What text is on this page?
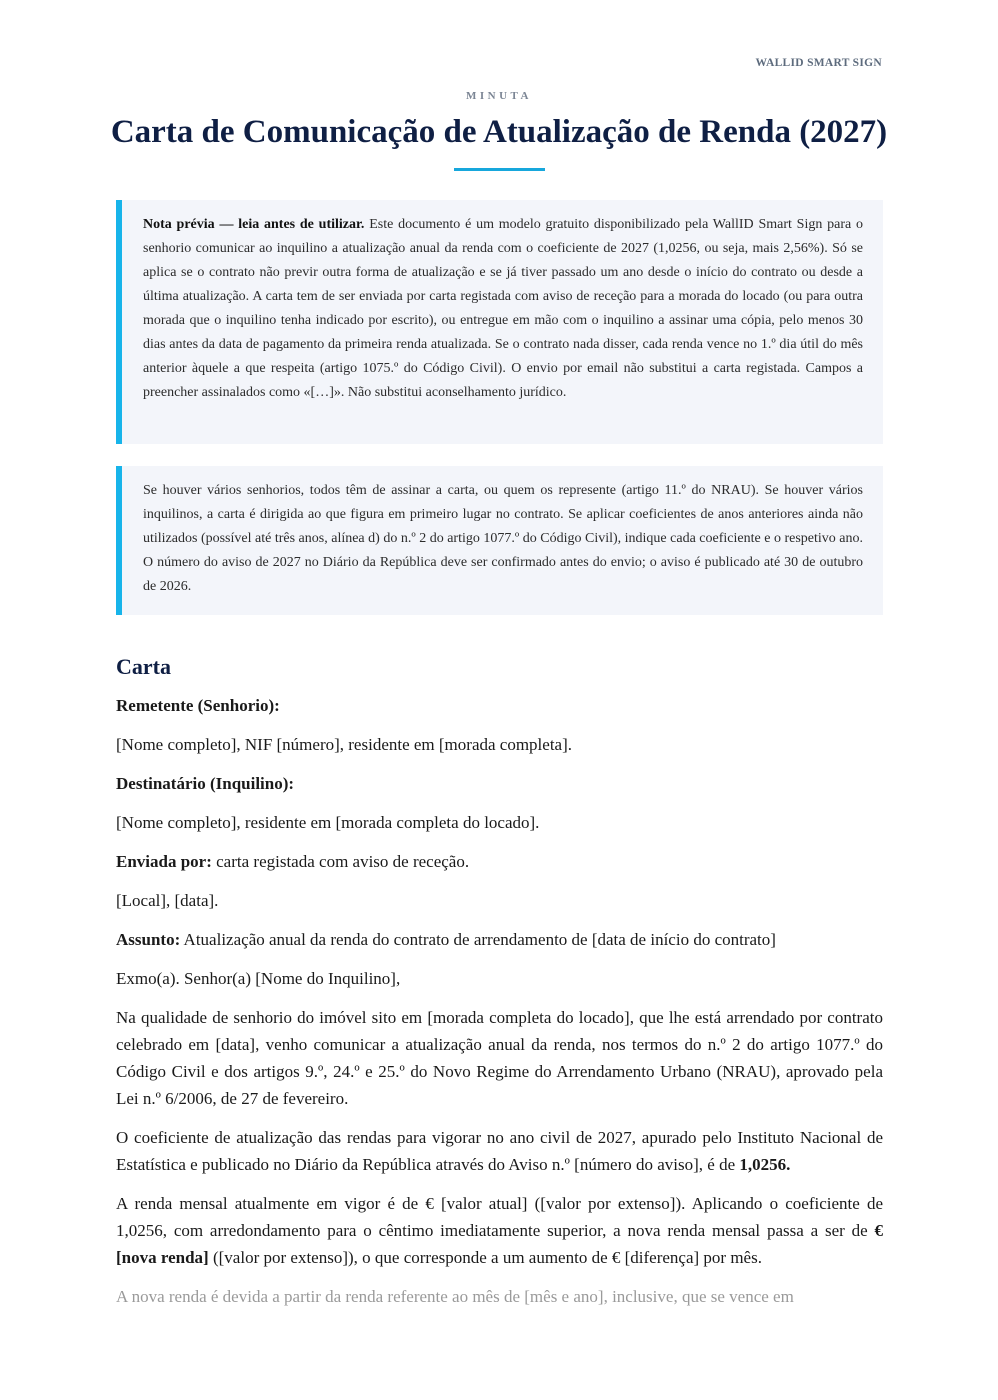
WALLID SMART SIGN
MINUTA
Carta de Comunicação de Atualização de Renda (2027)
Nota prévia — leia antes de utilizar. Este documento é um modelo gratuito disponibilizado pela WallID Smart Sign para o senhorio comunicar ao inquilino a atualização anual da renda com o coeficiente de 2027 (1,0256, ou seja, mais 2,56%). Só se aplica se o contrato não previr outra forma de atualização e se já tiver passado um ano desde o início do contrato ou desde a última atualização. A carta tem de ser enviada por carta registada com aviso de receção para a morada do locado (ou para outra morada que o inquilino tenha indicado por escrito), ou entregue em mão com o inquilino a assinar uma cópia, pelo menos 30 dias antes da data de pagamento da primeira renda atualizada. Se o contrato nada disser, cada renda vence no 1.º dia útil do mês anterior àquele a que respeita (artigo 1075.º do Código Civil). O envio por email não substitui a carta registada. Campos a preencher assinalados como «[…]». Não substitui aconselhamento jurídico.
Se houver vários senhorios, todos têm de assinar a carta, ou quem os represente (artigo 11.º do NRAU). Se houver vários inquilinos, a carta é dirigida ao que figura em primeiro lugar no contrato. Se aplicar coeficientes de anos anteriores ainda não utilizados (possível até três anos, alínea d) do n.º 2 do artigo 1077.º do Código Civil), indique cada coeficiente e o respetivo ano. O número do aviso de 2027 no Diário da República deve ser confirmado antes do envio; o aviso é publicado até 30 de outubro de 2026.
Carta

Remetente (Senhorio):

[Nome completo], NIF [número], residente em [morada completa].

Destinatário (Inquilino):

[Nome completo], residente em [morada completa do locado].

Enviada por: carta registada com aviso de receção.

[Local], [data].

Assunto: Atualização anual da renda do contrato de arrendamento de [data de início do contrato]

Exmo(a). Senhor(a) [Nome do Inquilino],

Na qualidade de senhorio do imóvel sito em [morada completa do locado], que lhe está arrendado por contrato celebrado em [data], venho comunicar a atualização anual da renda, nos termos do n.º 2 do artigo 1077.º do Código Civil e dos artigos 9.º, 24.º e 25.º do Novo Regime do Arrendamento Urbano (NRAU), aprovado pela Lei n.º 6/2006, de 27 de fevereiro.

O coeficiente de atualização das rendas para vigorar no ano civil de 2027, apurado pelo Instituto Nacional de Estatística e publicado no Diário da República através do Aviso n.º [número do aviso], é de 1,0256.

A renda mensal atualmente em vigor é de € [valor atual] ([valor por extenso]). Aplicando o coeficiente de 1,0256, com arredondamento para o cêntimo imediatamente superior, a nova renda mensal passa a ser de € [nova renda] ([valor por extenso]), o que corresponde a um aumento de € [diferença] por mês.

A nova renda é devida a partir da renda referente ao mês de [mês e ano], inclusive, que se vence em
